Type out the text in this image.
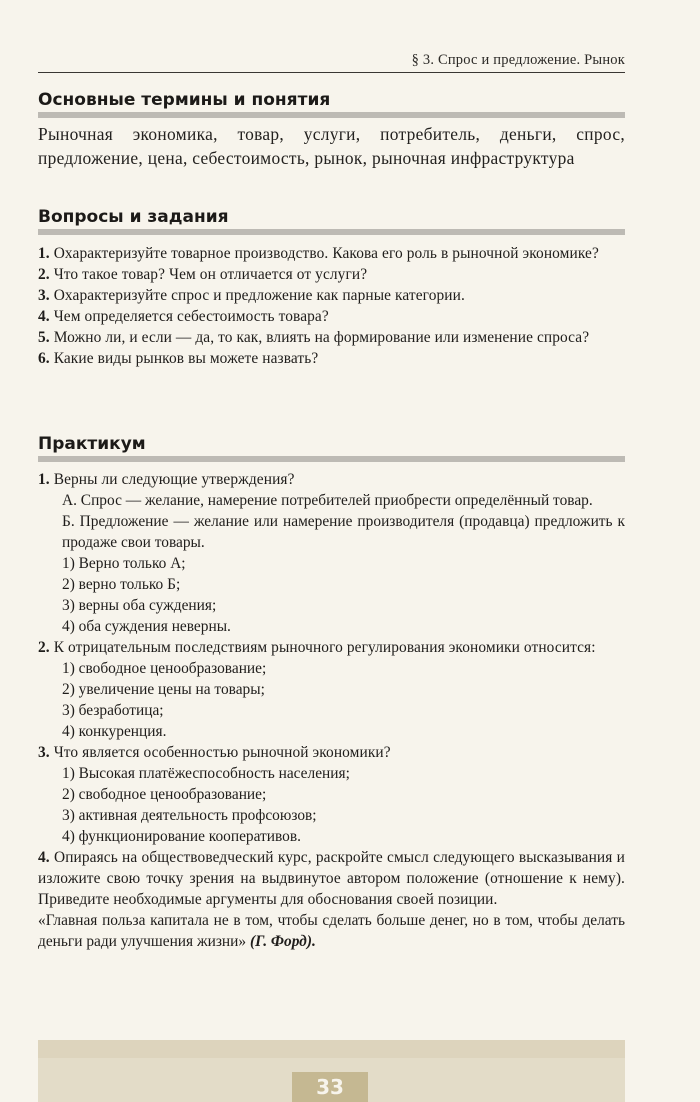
§ 3. Спрос и предложение. Рынок
Основные термины и понятия
Рыночная экономика, товар, услуги, потребитель, деньги, спрос, предложение, цена, себестоимость, рынок, рыночная инфраструктура
Вопросы и задания
1. Охарактеризуйте товарное производство. Какова его роль в рыночной экономике?
2. Что такое товар? Чем он отличается от услуги?
3. Охарактеризуйте спрос и предложение как парные категории.
4. Чем определяется себестоимость товара?
5. Можно ли, и если — да, то как, влиять на формирование или изменение спроса?
6. Какие виды рынков вы можете назвать?
Практикум
1. Верны ли следующие утверждения?
А. Спрос — желание, намерение потребителей приобрести определённый товар.
Б. Предложение — желание или намерение производителя (продавца) предложить к продаже свои товары.
1) Верно только А;
2) верно только Б;
3) верны оба суждения;
4) оба суждения неверны.
2. К отрицательным последствиям рыночного регулирования экономики относится:
1) свободное ценообразование;
2) увеличение цены на товары;
3) безработица;
4) конкуренция.
3. Что является особенностью рыночной экономики?
1) Высокая платёжеспособность населения;
2) свободное ценообразование;
3) активная деятельность профсоюзов;
4) функционирование кооперативов.
4. Опираясь на обществоведческий курс, раскройте смысл следующего высказывания и изложите свою точку зрения на выдвинутое автором положение (отношение к нему). Приведите необходимые аргументы для обоснования своей позиции.
«Главная польза капитала не в том, чтобы сделать больше денег, но в том, чтобы делать деньги ради улучшения жизни» (Г. Форд).
33
